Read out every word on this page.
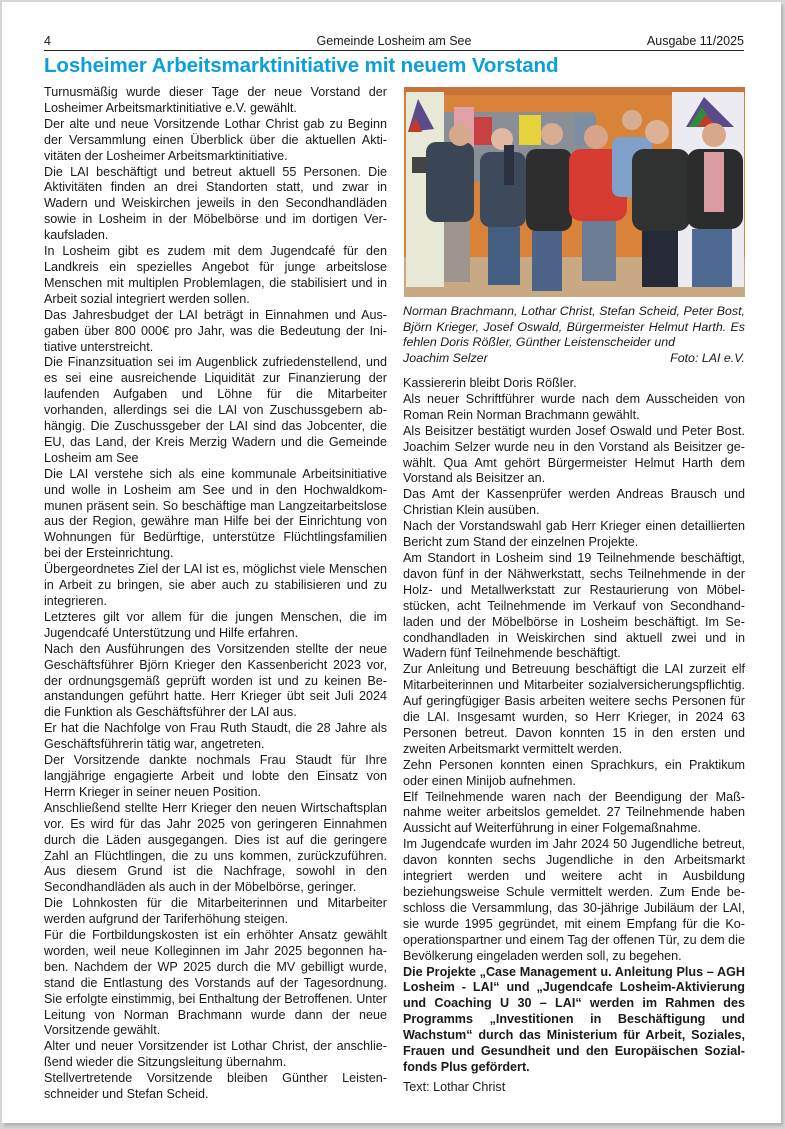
4	Gemeinde Losheim am See	Ausgabe 11/2025
Losheimer Arbeitsmarktinitiative mit neuem Vorstand

Turnusmäßig wurde dieser Tage der neue Vorstand der Losheimer Arbeitsmarktinitiative e.V. gewählt.

Der alte und neue Vorsitzende Lothar Christ gab zu Beginn der Versammlung einen Überblick über die aktuellen Aktivitäten der Losheimer Arbeitsmarktinitiative.

Die LAI beschäftigt und betreut aktuell 55 Personen. Die Aktivitäten finden an drei Standorten statt, und zwar in Wadern und Weiskirchen jeweils in den Secondhandläden sowie in Losheim in der Möbelbörse und im dortigen Verkaufsladen.

In Losheim gibt es zudem mit dem Jugendcafé für den Landkreis ein spezielles Angebot für junge arbeitslose Menschen mit multiplen Problemlagen, die stabilisiert und in Arbeit sozial integriert werden sollen.

Das Jahresbudget der LAI beträgt in Einnahmen und Ausgaben über 800 000€ pro Jahr, was die Bedeutung der Initiative unterstreicht.

Die Finanzsituation sei im Augenblick zufriedenstellend, und es sei eine ausreichende Liquidität zur Finanzierung der laufenden Aufgaben und Löhne für die Mitarbeiter vorhanden, allerdings sei die LAI von Zuschussgebern abhängig. Die Zuschussgeber der LAI sind das Jobcenter, die EU, das Land, der Kreis Merzig Wadern und die Gemeinde Losheim am See

Die LAI verstehe sich als eine kommunale Arbeitsinitiative und wolle in Losheim am See und in den Hochwaldkommunen präsent sein. So beschäftige man Langzeitarbeitslose aus der Region, gewähre man Hilfe bei der Einrichtung von Wohnungen für Bedürftige, unterstütze Flüchtlingsfamilien bei der Ersteinrichtung.

Übergeordnetes Ziel der LAI ist es, möglichst viele Menschen in Arbeit zu bringen, sie aber auch zu stabilisieren und zu integrieren.

Letzteres gilt vor allem für die jungen Menschen, die im Jugendcafé Unterstützung und Hilfe erfahren.

Nach den Ausführungen des Vorsitzenden stellte der neue Geschäftsführer Björn Krieger den Kassenbericht 2023 vor, der ordnungsgemäß geprüft worden ist und zu keinen Beanstandungen geführt hatte. Herr Krieger übt seit Juli 2024 die Funktion als Geschäftsführer der LAI aus.

Er hat die Nachfolge von Frau Ruth Staudt, die 28 Jahre als Geschäftsführerin tätig war, angetreten.

Der Vorsitzende dankte nochmals Frau Staudt für Ihre langjährige engagierte Arbeit und lobte den Einsatz von Herrn Krieger in seiner neuen Position.

Anschließend stellte Herr Krieger den neuen Wirtschaftsplan vor. Es wird für das Jahr 2025 von geringeren Einnahmen durch die Läden ausgegangen. Dies ist auf die geringere Zahl an Flüchtlingen, die zu uns kommen, zurückzuführen. Aus diesem Grund ist die Nachfrage, sowohl in den Secondhandläden als auch in der Möbelbörse, geringer.

Die Lohnkosten für die Mitarbeiterinnen und Mitarbeiter werden aufgrund der Tariferhöhung steigen.

Für die Fortbildungskosten ist ein erhöhter Ansatz gewählt worden, weil neue Kolleginnen im Jahr 2025 begonnen haben. Nachdem der WP 2025 durch die MV gebilligt wurde, stand die Entlastung des Vorstands auf der Tagesordnung. Sie erfolgte einstimmig, bei Enthaltung der Betroffenen. Unter Leitung von Norman Brachmann wurde dann der neue Vorsitzende gewählt.

Alter und neuer Vorsitzender ist Lothar Christ, der anschließend wieder die Sitzungsleitung übernahm.

Stellvertretende Vorsitzende bleiben Günther Leistenschneider und Stefan Scheid.

Norman Brachmann, Lothar Christ, Stefan Scheid, Peter Bost, Björn Krieger, Josef Oswald, Bürgermeister Helmut Harth. Es fehlen Doris Rößler, Günther Leistenscheider und
Joachim Selzer	Foto: LAI e.V.

Kassiererin bleibt Doris Rößler.

Als neuer Schriftführer wurde nach dem Ausscheiden von Roman Rein Norman Brachmann gewählt.

Als Beisitzer bestätigt wurden Josef Oswald und Peter Bost. Joachim Selzer wurde neu in den Vorstand als Beisitzer gewählt. Qua Amt gehört Bürgermeister Helmut Harth dem Vorstand als Beisitzer an.

Das Amt der Kassenprüfer werden Andreas Brausch und Christian Klein ausüben.

Nach der Vorstandswahl gab Herr Krieger einen detaillierten Bericht zum Stand der einzelnen Projekte.

Am Standort in Losheim sind 19 Teilnehmende beschäftigt, davon fünf in der Nähwerkstatt, sechs Teilnehmende in der Holz- und Metallwerkstatt zur Restaurierung von Möbelstücken, acht Teilnehmende im Verkauf von Secondhandladen und der Möbelbörse in Losheim beschäftigt. Im Secondhandladen in Weiskirchen sind aktuell zwei und in Wadern fünf Teilnehmende beschäftigt.

Zur Anleitung und Betreuung beschäftigt die LAI zurzeit elf Mitarbeiterinnen und Mitarbeiter sozialversicherungspflichtig. Auf geringfügiger Basis arbeiten weitere sechs Personen für die LAI. Insgesamt wurden, so Herr Krieger, in 2024 63 Personen betreut. Davon konnten 15 in den ersten und zweiten Arbeitsmarkt vermittelt werden.

Zehn Personen konnten einen Sprachkurs, ein Praktikum oder einen Minijob aufnehmen.

Elf Teilnehmende waren nach der Beendigung der Maßnahme weiter arbeitslos gemeldet. 27 Teilnehmende haben Aussicht auf Weiterführung in einer Folgemaßnahme.

Im Jugendcafe wurden im Jahr 2024 50 Jugendliche betreut, davon konnten sechs Jugendliche in den Arbeitsmarkt integriert werden und weitere acht in Ausbildung beziehungsweise Schule vermittelt werden. Zum Ende beschloss die Versammlung, das 30-jährige Jubiläum der LAI, sie wurde 1995 gegründet, mit einem Empfang für die Kooperationspartner und einem Tag der offenen Tür, zu dem die Bevölkerung eingeladen werden soll, zu begehen.

Die Projekte „Case Management u. Anleitung Plus – AGH Losheim - LAI“ und „Jugendcafe Losheim-Aktivierung und Coaching U 30 – LAI“ werden im Rahmen des Programms „Investitionen in Beschäftigung und Wachstum“ durch das Ministerium für Arbeit, Soziales, Frauen und Gesundheit und den Europäischen Sozialfonds Plus gefördert.

Text: Lothar Christ
